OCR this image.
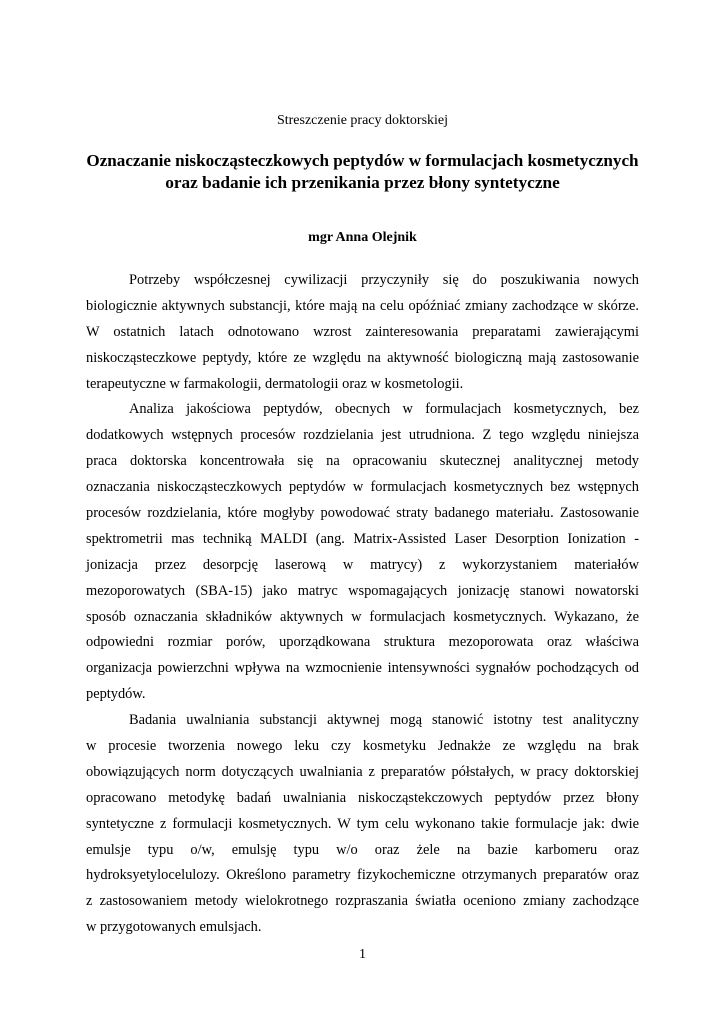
Streszczenie pracy doktorskiej
Oznaczanie niskocząsteczkowych peptydów w formulacjach kosmetycznych
oraz badanie ich przenikania przez błony syntetyczne
mgr Anna Olejnik
Potrzeby współczesnej cywilizacji przyczyniły się do poszukiwania nowych
biologicznie aktywnych substancji, które mają na celu opóźniać zmiany zachodzące w skórze.
W ostatnich latach odnotowano wzrost zainteresowania preparatami zawierającymi
niskocząsteczkowe peptydy, które ze względu na aktywność biologiczną mają zastosowanie
terapeutyczne w farmakologii, dermatologii oraz w kosmetologii.
Analiza jakościowa peptydów, obecnych w formulacjach kosmetycznych, bez
dodatkowych wstępnych procesów rozdzielania jest utrudniona. Z tego względu niniejsza
praca doktorska koncentrowała się na opracowaniu skutecznej analitycznej metody
oznaczania niskocząsteczkowych peptydów w formulacjach kosmetycznych bez wstępnych
procesów rozdzielania, które mogłyby powodować straty badanego materiału. Zastosowanie
spektrometrii mas techniką MALDI (ang. Matrix-Assisted Laser Desorption Ionization -
jonizacja przez desorpcję laserową w matrycy) z wykorzystaniem materiałów
mezoporowatych (SBA-15) jako matryc wspomagających jonizację stanowi nowatorski
sposób oznaczania składników aktywnych w formulacjach kosmetycznych. Wykazano, że
odpowiedni rozmiar porów, uporządkowana struktura mezoporowata oraz właściwa
organizacja powierzchni wpływa na wzmocnienie intensywności sygnałów pochodzących od
peptydów.
Badania uwalniania substancji aktywnej mogą stanowić istotny test analityczny
w procesie tworzenia nowego leku czy kosmetyku Jednakże ze względu na brak
obowiązujących norm dotyczących uwalniania z preparatów półstałych, w pracy doktorskiej
opracowano metodykę badań uwalniania niskocząstekczowych peptydów przez błony
syntetyczne z formulacji kosmetycznych. W tym celu wykonano takie formulacje jak: dwie
emulsje typu o/w, emulsję typu w/o oraz żele na bazie karbomeru oraz
hydroksyetylocelulozy. Określono parametry fizykochemiczne otrzymanych preparatów oraz
z zastosowaniem metody wielokrotnego rozpraszania światła oceniono zmiany zachodzące
w przygotowanych emulsjach.
1
